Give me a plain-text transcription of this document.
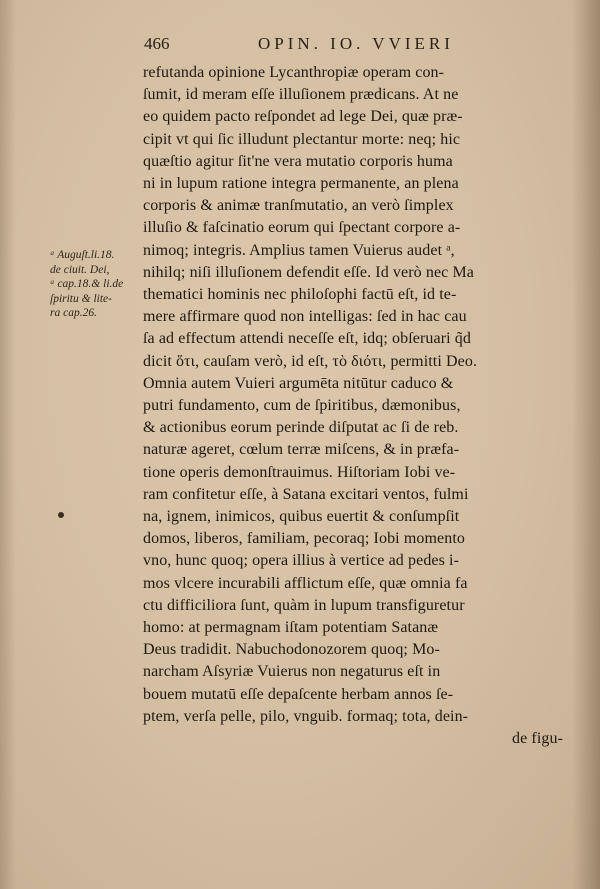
466	OPIN. IO. VVIERI
ᵃ Auguſt.li.18.
de ciuit. Dei,
ᵃ cap.18.& li.de
ſpiritu & lite-
ra cap.26.
refutanda opinione Lycanthropiæ operam con-
ſumit, id meram eſſe illuſionem prædicans. At ne
eo quidem pacto reſpondet ad lege Dei, quæ præ-
cipit vt qui ſic illudunt plectantur morte: neq; hic
quæſtio agitur ſit'ne vera mutatio corporis huma
ni in lupum ratione integra permanente, an plena
corporis & animæ tranſmutatio, an verò ſimplex
illuſio & faſcinatio eorum qui ſpectant corpore a-
nimoq; integris. Amplius tamen Vuierus audet ᵃ,
nihilq; niſi illuſionem defendit eſſe. Id verò nec Ma
thematici hominis nec philoſophi factū eſt, id te-
mere affirmare quod non intelligas: ſed in hac cau
ſa ad effectum attendi neceſſe eſt, idq; obſeruari q̃d
dicit ὅτι, cauſam verò, id eſt, τὸ διότι, permitti Deo.
Omnia autem Vuieri argumēta nitūtur caduco &
putri fundamento, cum de ſpiritibus, dæmonibus,
& actionibus eorum perinde diſputat ac ſi de reb.
naturæ ageret, cœlum terræ miſcens, & in præfa-
tione operis demonſtrauimus. Hiſtoriam Iobi ve-
ram confitetur eſſe, à Satana excitari ventos, fulmi
na, ignem, inimicos, quibus euertit & conſumpſit
domos, liberos, familiam, pecoraq; Iobi momento
vno, hunc quoq; opera illius à vertice ad pedes i-
mos vlcere incurabili afflictum eſſe, quæ omnia fa
ctu difficiliora ſunt, quàm in lupum transfiguretur
homo: at permagnam iſtam potentiam Satanæ
Deus tradidit. Nabuchodonozorem quoq; Mo-
narcham Aſsyriæ Vuierus non negaturus eſt in
bouem mutatū eſſe depaſcente herbam annos ſe-
ptem, verſa pelle, pilo, vnguib. formaq; tota, dein-
de figu-
